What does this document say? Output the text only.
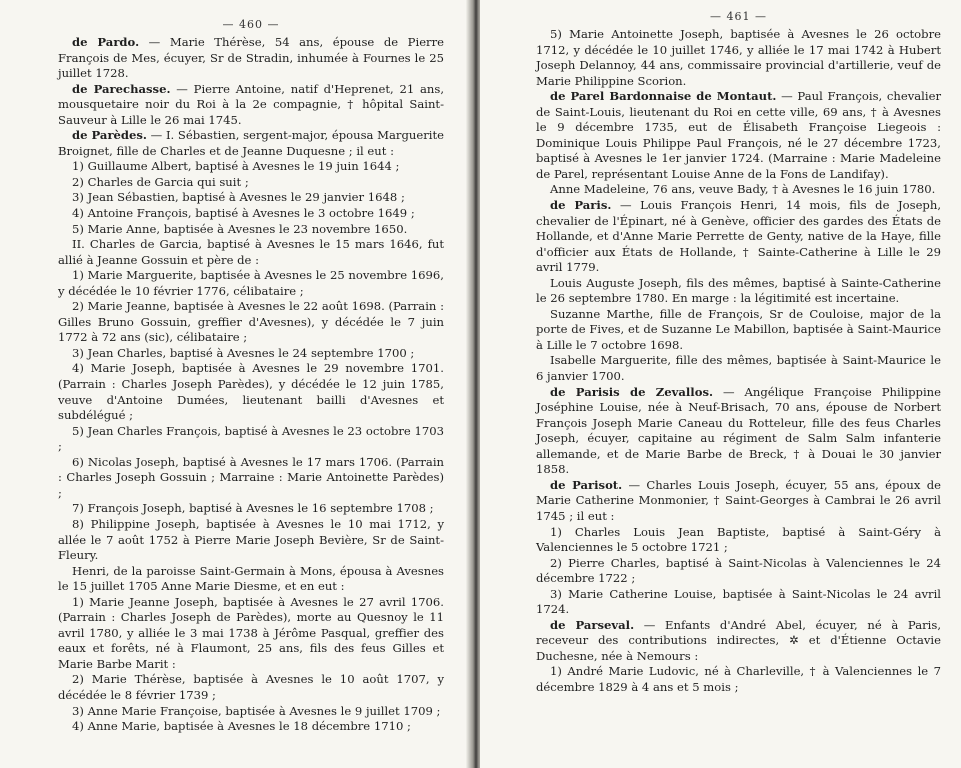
— 460 —

de Pardo. — Marie Thérèse, 54 ans, épouse de Pierre François de Mes, écuyer, Sr de Stradin, inhumée à Fournes le 25 juillet 1728.

de Parechasse. — Pierre Antoine, natif d'Heprenet, 21 ans, mousquetaire noir du Roi à la 2e compagnie, † hôpital Saint-Sauveur à Lille le 26 mai 1745.

de Parèdes. — I. Sébastien, sergent-major, épousa Marguerite Broignet, fille de Charles et de Jeanne Duquesne ; il eut :

1) Guillaume Albert, baptisé à Avesnes le 19 juin 1644 ;

2) Charles de Garcia qui suit ;

3) Jean Sébastien, baptisé à Avesnes le 29 janvier 1648 ;

4) Antoine François, baptisé à Avesnes le 3 octobre 1649 ;

5) Marie Anne, baptisée à Avesnes le 23 novembre 1650.

II. Charles de Garcia, baptisé à Avesnes le 15 mars 1646, fut allié à Jeanne Gossuin et père de :

1) Marie Marguerite, baptisée à Avesnes le 25 novembre 1696, y décédée le 10 février 1776, célibataire ;

2) Marie Jeanne, baptisée à Avesnes le 22 août 1698. (Parrain : Gilles Bruno Gossuin, greffier d'Avesnes), y décédée le 7 juin 1772 à 72 ans (sic), célibataire ;

3) Jean Charles, baptisé à Avesnes le 24 septembre 1700 ;

4) Marie Joseph, baptisée à Avesnes le 29 novembre 1701. (Parrain : Charles Joseph Parèdes), y décédée le 12 juin 1785, veuve d'Antoine Dumées, lieutenant bailli d'Avesnes et subdélégué ;

5) Jean Charles François, baptisé à Avesnes le 23 octobre 1703 ;

6) Nicolas Joseph, baptisé à Avesnes le 17 mars 1706. (Parrain : Charles Joseph Gossuin ; Marraine : Marie Antoinette Parèdes) ;

7) François Joseph, baptisé à Avesnes le 16 septembre 1708 ;

8) Philippine Joseph, baptisée à Avesnes le 10 mai 1712, y allée le 7 août 1752 à Pierre Marie Joseph Bevière, Sr de Saint-Fleury.

Henri, de la paroisse Saint-Germain à Mons, épousa à Avesnes le 15 juillet 1705 Anne Marie Diesme, et en eut :

1) Marie Jeanne Joseph, baptisée à Avesnes le 27 avril 1706. (Parrain : Charles Joseph de Parèdes), morte au Quesnoy le 11 avril 1780, y alliée le 3 mai 1738 à Jérôme Pasqual, greffier des eaux et forêts, né à Flaumont, 25 ans, fils des feus Gilles et Marie Barbe Marit :

2) Marie Thérèse, baptisée à Avesnes le 10 août 1707, y décédée le 8 février 1739 ;

3) Anne Marie Françoise, baptisée à Avesnes le 9 juillet 1709 ;

4) Anne Marie, baptisée à Avesnes le 18 décembre 1710 ;

— 461 —

5) Marie Antoinette Joseph, baptisée à Avesnes le 26 octobre 1712, y décédée le 10 juillet 1746, y alliée le 17 mai 1742 à Hubert Joseph Delannoy, 44 ans, commissaire provincial d'artillerie, veuf de Marie Philippine Scorion.

de Parel Bardonnaise de Montaut. — Paul François, chevalier de Saint-Louis, lieutenant du Roi en cette ville, 69 ans, † à Avesnes le 9 décembre 1735, eut de Élisabeth Françoise Liegeois : Dominique Louis Philippe Paul François, né le 27 décembre 1723, baptisé à Avesnes le 1er janvier 1724. (Marraine : Marie Madeleine de Parel, représentant Louise Anne de la Fons de Landifay).

Anne Madeleine, 76 ans, veuve Bady, † à Avesnes le 16 juin 1780.

de Paris. — Louis François Henri, 14 mois, fils de Joseph, chevalier de l'Épinart, né à Genève, officier des gardes des États de Hollande, et d'Anne Marie Perrette de Genty, native de la Haye, fille d'officier aux États de Hollande, † Sainte-Catherine à Lille le 29 avril 1779.

Louis Auguste Joseph, fils des mêmes, baptisé à Sainte-Catherine le 26 septembre 1780. En marge : la légitimité est incertaine.

Suzanne Marthe, fille de François, Sr de Couloise, major de la porte de Fives, et de Suzanne Le Mabillon, baptisée à Saint-Maurice à Lille le 7 octobre 1698.

Isabelle Marguerite, fille des mêmes, baptisée à Saint-Maurice le 6 janvier 1700.

de Parisis de Zevallos. — Angélique Françoise Philippine Joséphine Louise, née à Neuf-Brisach, 70 ans, épouse de Norbert François Joseph Marie Caneau du Rotteleur, fille des feus Charles Joseph, écuyer, capitaine au régiment de Salm Salm infanterie allemande, et de Marie Barbe de Breck, † à Douai le 30 janvier 1858.

de Parisot. — Charles Louis Joseph, écuyer, 55 ans, époux de Marie Catherine Monmonier, † Saint-Georges à Cambrai le 26 avril 1745 ; il eut :

1) Charles Louis Jean Baptiste, baptisé à Saint-Géry à Valenciennes le 5 octobre 1721 ;

2) Pierre Charles, baptisé à Saint-Nicolas à Valenciennes le 24 décembre 1722 ;

3) Marie Catherine Louise, baptisée à Saint-Nicolas le 24 avril 1724.

de Parseval. — Enfants d'André Abel, écuyer, né à Paris, receveur des contributions indirectes, ✲ et d'Étienne Octavie Duchesne, née à Nemours :

1) André Marie Ludovic, né à Charleville, † à Valenciennes le 7 décembre 1829 à 4 ans et 5 mois ;
